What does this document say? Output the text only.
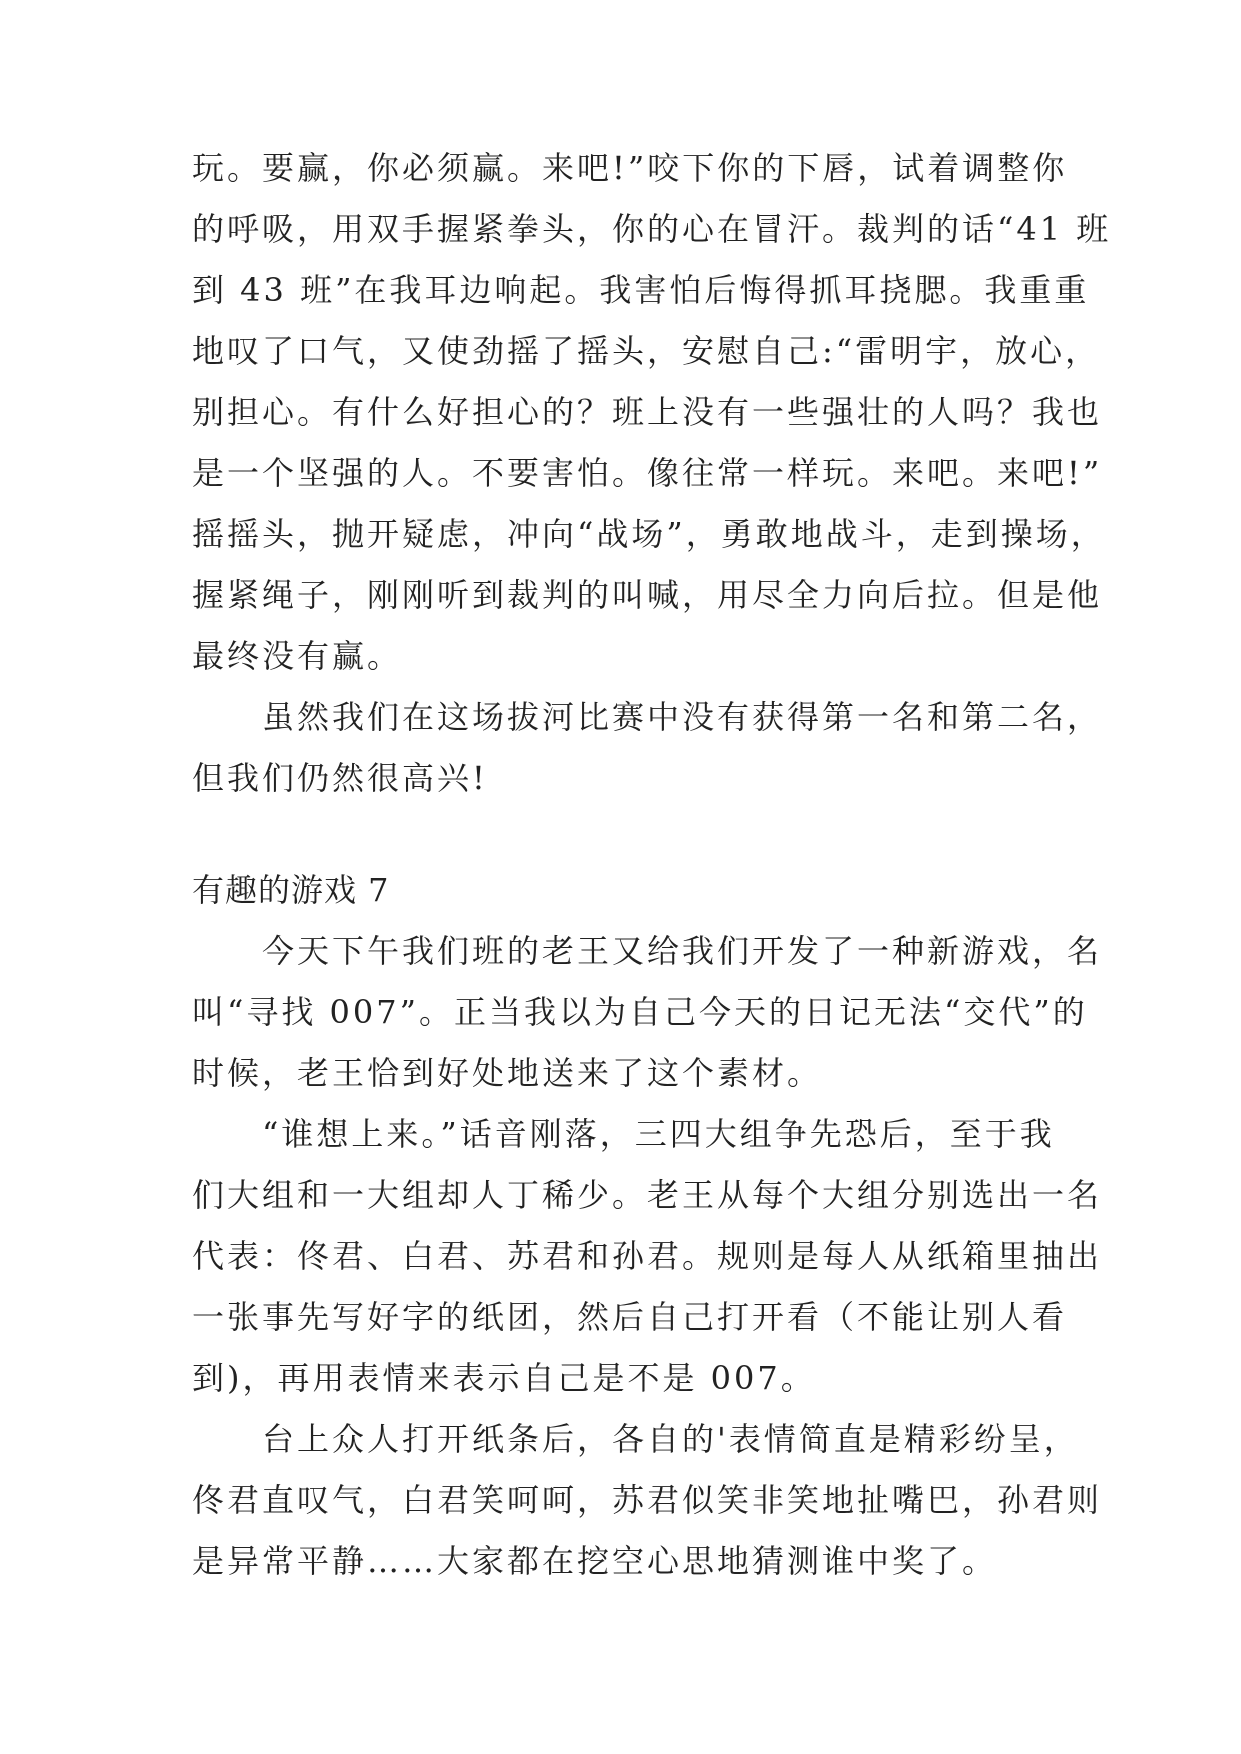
玩。要赢，你必须赢。来吧!”咬下你的下唇，试着调整你
的呼吸，用双手握紧拳头，你的心在冒汗。裁判的话“41 班
到 43 班”在我耳边响起。我害怕后悔得抓耳挠腮。我重重
地叹了口气，又使劲摇了摇头，安慰自己:“雷明宇，放心，
别担心。有什么好担心的？班上没有一些强壮的人吗？我也
是一个坚强的人。不要害怕。像往常一样玩。来吧。来吧!”
摇摇头，抛开疑虑，冲向“战场”，勇敢地战斗，走到操场，
握紧绳子，刚刚听到裁判的叫喊，用尽全力向后拉。但是他
最终没有赢。
虽然我们在这场拔河比赛中没有获得第一名和第二名，
但我们仍然很高兴!
有趣的游戏 7
今天下午我们班的老王又给我们开发了一种新游戏，名
叫“寻找 007”。正当我以为自己今天的日记无法“交代”的
时候，老王恰到好处地送来了这个素材。
“谁想上来。”话音刚落，三四大组争先恐后，至于我
们大组和一大组却人丁稀少。老王从每个大组分别选出一名
代表：佟君、白君、苏君和孙君。规则是每人从纸箱里抽出
一张事先写好字的纸团，然后自己打开看（不能让别人看
到)，再用表情来表示自己是不是 007。
台上众人打开纸条后，各自的'表情简直是精彩纷呈，
佟君直叹气，白君笑呵呵，苏君似笑非笑地扯嘴巴，孙君则
是异常平静……大家都在挖空心思地猜测谁中奖了。
